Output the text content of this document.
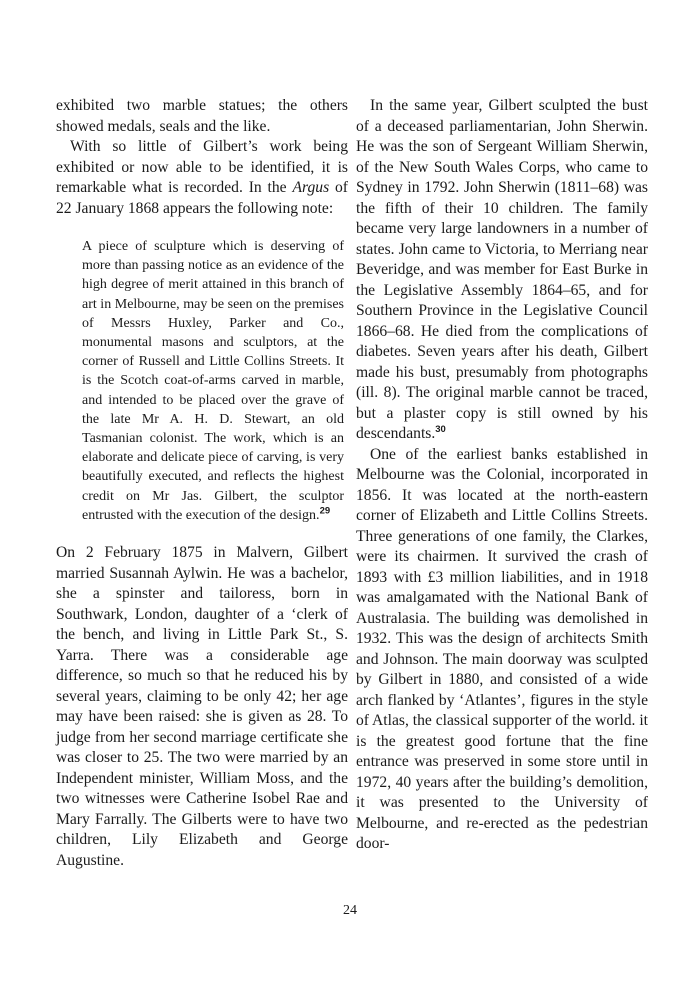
exhibited two marble statues; the others showed medals, seals and the like.

With so little of Gilbert’s work being exhibited or now able to be identified, it is remarkable what is recorded. In the Argus of 22 January 1868 appears the following note:

A piece of sculpture which is deserving of more than passing notice as an evidence of the high degree of merit attained in this branch of art in Melbourne, may be seen on the premises of Messrs Huxley, Parker and Co., monumental masons and sculptors, at the corner of Russell and Little Collins Streets. It is the Scotch coat-of-arms carved in marble, and intended to be placed over the grave of the late Mr A. H. D. Stewart, an old Tasmanian colonist. The work, which is an elaborate and delicate piece of carving, is very beautifully executed, and reflects the highest credit on Mr Jas. Gilbert, the sculptor entrusted with the execution of the design.$^{29}$

On 2 February 1875 in Malvern, Gilbert married Susannah Aylwin. He was a bachelor, she a spinster and tailoress, born in Southwark, London, daughter of a ‘clerk of the bench, and living in Little Park St., S. Yarra. There was a considerable age difference, so much so that he reduced his by several years, claiming to be only 42; her age may have been raised: she is given as 28. To judge from her second marriage certificate she was closer to 25. The two were married by an Independent minister, William Moss, and the two witnesses were Catherine Isobel Rae and Mary Farrally. The Gilberts were to have two children, Lily Elizabeth and George Augustine.

In the same year, Gilbert sculpted the bust of a deceased parliamentarian, John Sherwin. He was the son of Sergeant William Sherwin, of the New South Wales Corps, who came to Sydney in 1792. John Sherwin (1811–68) was the fifth of their 10 children. The family became very large landowners in a number of states. John came to Victoria, to Merriang near Beveridge, and was member for East Burke in the Legislative Assembly 1864–65, and for Southern Province in the Legislative Council 1866–68. He died from the complications of diabetes. Seven years after his death, Gilbert made his bust, presumably from photographs (ill. 8). The original marble cannot be traced, but a plaster copy is still owned by his descendants.$^{30}$

One of the earliest banks established in Melbourne was the Colonial, incorporated in 1856. It was located at the north-eastern corner of Elizabeth and Little Collins Streets. Three generations of one family, the Clarkes, were its chairmen. It survived the crash of 1893 with £3 million liabilities, and in 1918 was amalgamated with the National Bank of Australasia. The building was demolished in 1932. This was the design of architects Smith and Johnson. The main doorway was sculpted by Gilbert in 1880, and consisted of a wide arch flanked by ‘Atlantes’, figures in the style of Atlas, the classical supporter of the world. it is the greatest good fortune that the fine entrance was preserved in some store until in 1972, 40 years after the building’s demolition, it was presented to the University of Melbourne, and re-erected as the pedestrian door-

24
